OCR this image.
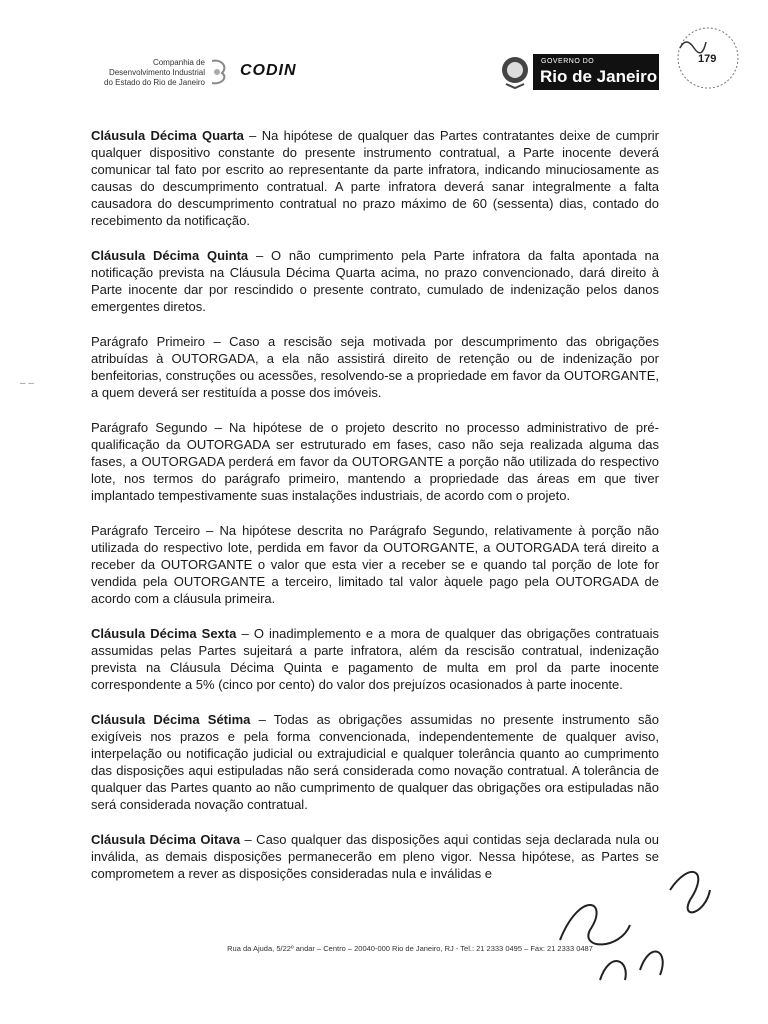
Companhia de
Desenvolvimento Industrial
do Estado do Rio de Janeiro
CODIN
GOVERNO DO
Rio de Janeiro
179
– –

Cláusula Décima Quarta – Na hipótese de qualquer das Partes contratantes deixe de cumprir qualquer dispositivo constante do presente instrumento contratual, a Parte inocente deverá comunicar tal fato por escrito ao representante da parte infratora, indicando minuciosamente as causas do descumprimento contratual. A parte infratora deverá sanar integralmente a falta causadora do descumprimento contratual no prazo máximo de 60 (sessenta) dias, contado do recebimento da notificação.

Cláusula Décima Quinta – O não cumprimento pela Parte infratora da falta apontada na notificação prevista na Cláusula Décima Quarta acima, no prazo convencionado, dará direito à Parte inocente dar por rescindido o presente contrato, cumulado de indenização pelos danos emergentes diretos.

Parágrafo Primeiro – Caso a rescisão seja motivada por descumprimento das obrigações atribuídas à OUTORGADA, a ela não assistirá direito de retenção ou de indenização por benfeitorias, construções ou acessões, resolvendo-se a propriedade em favor da OUTORGANTE, a quem deverá ser restituída a posse dos imóveis.

Parágrafo Segundo – Na hipótese de o projeto descrito no processo administrativo de pré-qualificação da OUTORGADA ser estruturado em fases, caso não seja realizada alguma das fases, a OUTORGADA perderá em favor da OUTORGANTE a porção não utilizada do respectivo lote, nos termos do parágrafo primeiro, mantendo a propriedade das áreas em que tiver implantado tempestivamente suas instalações industriais, de acordo com o projeto.

Parágrafo Terceiro – Na hipótese descrita no Parágrafo Segundo, relativamente à porção não utilizada do respectivo lote, perdida em favor da OUTORGANTE, a OUTORGADA terá direito a receber da OUTORGANTE o valor que esta vier a receber se e quando tal porção de lote for vendida pela OUTORGANTE a terceiro, limitado tal valor àquele pago pela OUTORGADA de acordo com a cláusula primeira.

Cláusula Décima Sexta – O inadimplemento e a mora de qualquer das obrigações contratuais assumidas pelas Partes sujeitará a parte infratora, além da rescisão contratual, indenização prevista na Cláusula Décima Quinta e pagamento de multa em prol da parte inocente correspondente a 5% (cinco por cento) do valor dos prejuízos ocasionados à parte inocente.

Cláusula Décima Sétima – Todas as obrigações assumidas no presente instrumento são exigíveis nos prazos e pela forma convencionada, independentemente de qualquer aviso, interpelação ou notificação judicial ou extrajudicial e qualquer tolerância quanto ao cumprimento das disposições aqui estipuladas não será considerada como novação contratual. A tolerância de qualquer das Partes quanto ao não cumprimento de qualquer das obrigações ora estipuladas não será considerada novação contratual.

Cláusula Décima Oitava – Caso qualquer das disposições aqui contidas seja declarada nula ou inválida, as demais disposições permanecerão em pleno vigor. Nessa hipótese, as Partes se comprometem a rever as disposições consideradas nula e inválidas e

Rua da Ajuda, 5/22º andar – Centro – 20040-000 Rio de Janeiro, RJ - Tel.: 21 2333 0495 – Fax: 21 2333 0487
